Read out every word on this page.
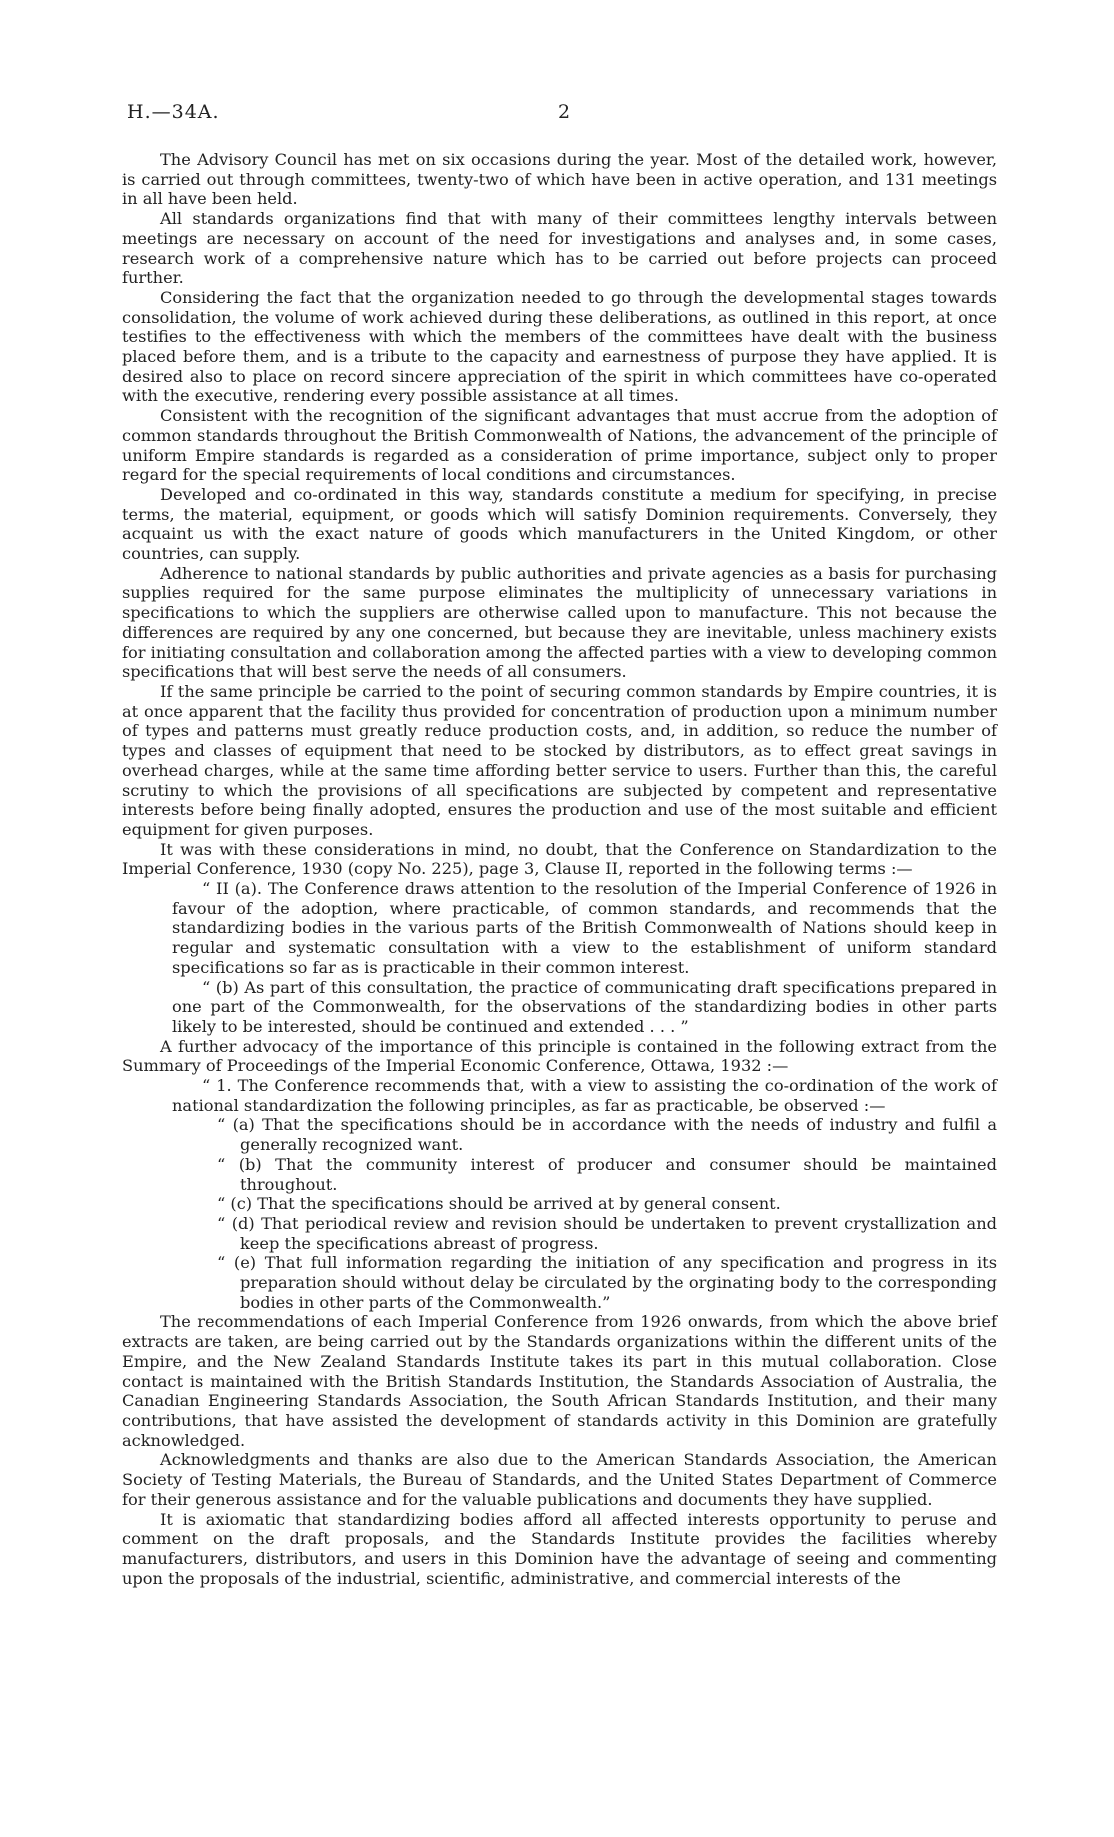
H.—34A.	2

The Advisory Council has met on six occasions during the year. Most of the detailed work, however, is carried out through committees, twenty-two of which have been in active operation, and 131 meetings in all have been held.

All standards organizations find that with many of their committees lengthy intervals between meetings are necessary on account of the need for investigations and analyses and, in some cases, research work of a comprehensive nature which has to be carried out before projects can proceed further.

Considering the fact that the organization needed to go through the developmental stages towards consolidation, the volume of work achieved during these deliberations, as outlined in this report, at once testifies to the effectiveness with which the members of the committees have dealt with the business placed before them, and is a tribute to the capacity and earnestness of purpose they have applied. It is desired also to place on record sincere appreciation of the spirit in which committees have co-operated with the executive, rendering every possible assistance at all times.

Consistent with the recognition of the significant advantages that must accrue from the adoption of common standards throughout the British Commonwealth of Nations, the advancement of the principle of uniform Empire standards is regarded as a consideration of prime importance, subject only to proper regard for the special requirements of local conditions and circumstances.

Developed and co-ordinated in this way, standards constitute a medium for specifying, in precise terms, the material, equipment, or goods which will satisfy Dominion requirements. Conversely, they acquaint us with the exact nature of goods which manufacturers in the United Kingdom, or other countries, can supply.

Adherence to national standards by public authorities and private agencies as a basis for purchasing supplies required for the same purpose eliminates the multiplicity of unnecessary variations in specifications to which the suppliers are otherwise called upon to manufacture. This not because the differences are required by any one concerned, but because they are inevitable, unless machinery exists for initiating consultation and collaboration among the affected parties with a view to developing common specifications that will best serve the needs of all consumers.

If the same principle be carried to the point of securing common standards by Empire countries, it is at once apparent that the facility thus provided for concentration of production upon a minimum number of types and patterns must greatly reduce production costs, and, in addition, so reduce the number of types and classes of equipment that need to be stocked by distributors, as to effect great savings in overhead charges, while at the same time affording better service to users. Further than this, the careful scrutiny to which the provisions of all specifications are subjected by competent and representative interests before being finally adopted, ensures the production and use of the most suitable and efficient equipment for given purposes.

It was with these considerations in mind, no doubt, that the Conference on Standardization to the Imperial Conference, 1930 (copy No. 225), page 3, Clause II, reported in the following terms :—

“ II (a). The Conference draws attention to the resolution of the Imperial Conference of 1926 in favour of the adoption, where practicable, of common standards, and recommends that the standardizing bodies in the various parts of the British Commonwealth of Nations should keep in regular and systematic consultation with a view to the establishment of uniform standard specifications so far as is practicable in their common interest.

“ (b) As part of this consultation, the practice of communicating draft specifications prepared in one part of the Commonwealth, for the observations of the standardizing bodies in other parts likely to be interested, should be continued and extended . . . ”

A further advocacy of the importance of this principle is contained in the following extract from the Summary of Proceedings of the Imperial Economic Conference, Ottawa, 1932 :—

“ 1. The Conference recommends that, with a view to assisting the co-ordination of the work of national standardization the following principles, as far as practicable, be observed :—

“ (a) That the specifications should be in accordance with the needs of industry and fulfil a generally recognized want.

“ (b) That the community interest of producer and consumer should be maintained throughout.

“ (c) That the specifications should be arrived at by general consent.

“ (d) That periodical review and revision should be undertaken to prevent crystallization and keep the specifications abreast of progress.

“ (e) That full information regarding the initiation of any specification and progress in its preparation should without delay be circulated by the orginating body to the corresponding bodies in other parts of the Commonwealth.”

The recommendations of each Imperial Conference from 1926 onwards, from which the above brief extracts are taken, are being carried out by the Standards organizations within the different units of the Empire, and the New Zealand Standards Institute takes its part in this mutual collaboration. Close contact is maintained with the British Standards Institution, the Standards Association of Australia, the Canadian Engineering Standards Association, the South African Standards Institution, and their many contributions, that have assisted the development of standards activity in this Dominion are gratefully acknowledged.

Acknowledgments and thanks are also due to the American Standards Association, the American Society of Testing Materials, the Bureau of Standards, and the United States Department of Commerce for their generous assistance and for the valuable publications and documents they have supplied.

It is axiomatic that standardizing bodies afford all affected interests opportunity to peruse and comment on the draft proposals, and the Standards Institute provides the facilities whereby manufacturers, distributors, and users in this Dominion have the advantage of seeing and commenting upon the proposals of the industrial, scientific, administrative, and commercial interests of the
